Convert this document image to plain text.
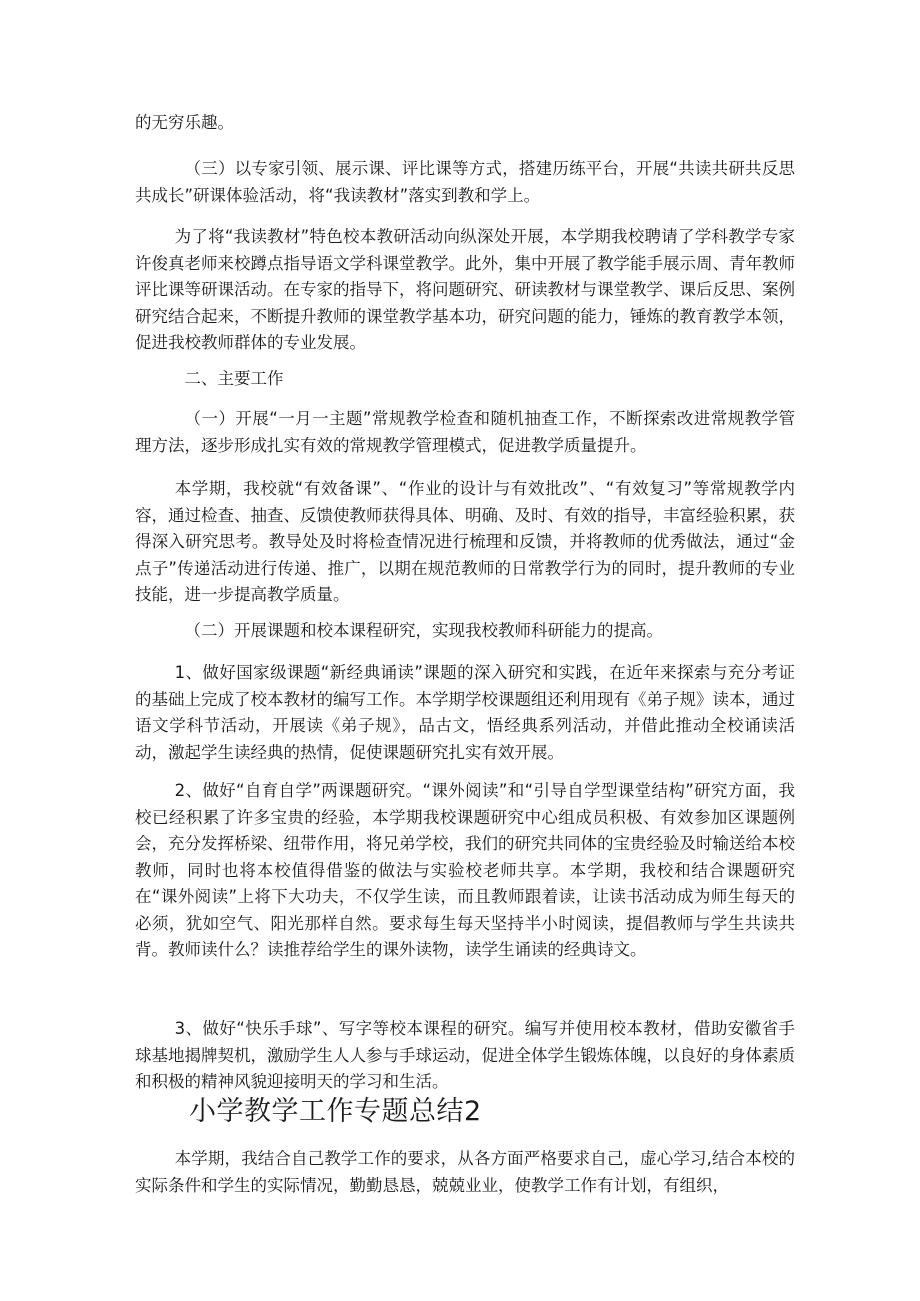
的无穷乐趣。

（三）以专家引领、展示课、评比课等方式，搭建历练平台，开展“共读共研共反思共成长”研课体验活动，将“我读教材”落实到教和学上。

为了将“我读教材”特色校本教研活动向纵深处开展，本学期我校聘请了学科教学专家许俊真老师来校蹲点指导语文学科课堂教学。此外，集中开展了教学能手展示周、青年教师评比课等研课活动。在专家的指导下，将问题研究、研读教材与课堂教学、课后反思、案例研究结合起来，不断提升教师的课堂教学基本功，研究问题的能力，锤炼的教育教学本领，促进我校教师群体的专业发展。

二、主要工作

（一）开展“一月一主题”常规教学检查和随机抽查工作，不断探索改进常规教学管理方法，逐步形成扎实有效的常规教学管理模式，促进教学质量提升。

本学期，我校就“有效备课”、“作业的设计与有效批改”、“有效复习”等常规教学内容，通过检查、抽查、反馈使教师获得具体、明确、及时、有效的指导，丰富经验积累，获得深入研究思考。教导处及时将检查情况进行梳理和反馈，并将教师的优秀做法，通过“金点子”传递活动进行传递、推广，以期在规范教师的日常教学行为的同时，提升教师的专业技能，进一步提高教学质量。

（二）开展课题和校本课程研究，实现我校教师科研能力的提高。

1、做好国家级课题“新经典诵读”课题的深入研究和实践，在近年来探索与充分考证的基础上完成了校本教材的编写工作。本学期学校课题组还利用现有《弟子规》读本，通过语文学科节活动，开展读《弟子规》，品古文，悟经典系列活动，并借此推动全校诵读活动，激起学生读经典的热情，促使课题研究扎实有效开展。

2、做好“自育自学”两课题研究。“课外阅读”和“引导自学型课堂结构”研究方面，我校已经积累了许多宝贵的经验，本学期我校课题研究中心组成员积极、有效参加区课题例会，充分发挥桥梁、纽带作用，将兄弟学校，我们的研究共同体的宝贵经验及时输送给本校教师，同时也将本校值得借鉴的做法与实验校老师共享。本学期，我校和结合课题研究在“课外阅读”上将下大功夫，不仅学生读，而且教师跟着读，让读书活动成为师生每天的必须，犹如空气、阳光那样自然。要求每生每天坚持半小时阅读，提倡教师与学生共读共背。教师读什么？读推荐给学生的课外读物，读学生诵读的经典诗文。

3、做好“快乐手球”、写字等校本课程的研究。编写并使用校本教材，借助安徽省手球基地揭牌契机，激励学生人人参与手球运动，促进全体学生锻炼体魄，以良好的身体素质和积极的精神风貌迎接明天的学习和生活。

小学教学工作专题总结2

本学期，我结合自己教学工作的要求，从各方面严格要求自己，虚心学习,结合本校的实际条件和学生的实际情况，勤勤恳恳，兢兢业业，使教学工作有计划，有组织，
